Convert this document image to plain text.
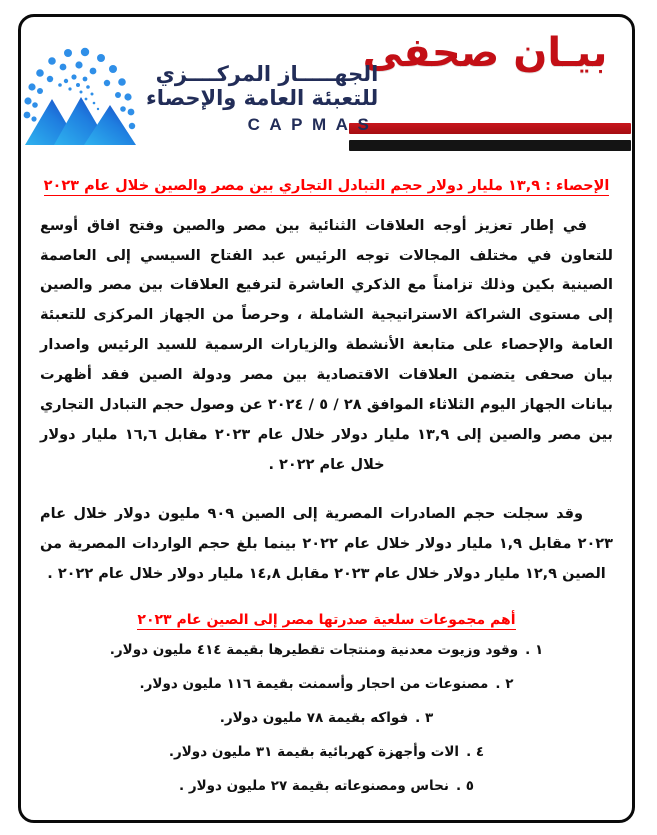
بيـان صحفى
الجهـــــاز المركــــزي
للتعبئة العامة والإحصاء
CAPMAS
الإحصاء : ١٣,٩ مليار دولار حجم التبادل التجاري بين مصر والصين خلال عام ٢٠٢٣

في إطار تعزيز أوجه العلاقات الثنائية بين مصر والصين وفتح افاق أوسع للتعاون في مختلف المجالات توجه الرئيس عبد الفتاح السيسي إلى العاصمة الصينية بكين وذلك تزامناً مع الذكري العاشرة لترفيع العلاقات بين مصر والصين إلى مستوى الشراكة الاستراتيجية الشاملة ، وحرصاً من الجهاز المركزى للتعبئة العامة والإحصاء على متابعة الأنشطة والزيارات الرسمية للسيد الرئيس واصدار بيان صحفى يتضمن العلاقات الاقتصادية بين مصر ودولة الصين فقد أظهرت بيانات الجهاز اليوم الثلاثاء الموافق ٢٨ / ٥ / ٢٠٢٤ عن وصول حجم التبادل التجاري بين مصر والصين إلى ١٣,٩ مليار دولار خلال عام ٢٠٢٣ مقابل ١٦,٦ مليار دولار خلال عام ٢٠٢٢ .

وقد سجلت حجم الصادرات المصرية إلى الصين ٩٠٩ مليون دولار خلال عام ٢٠٢٣ مقابل ١,٩ مليار دولار خلال عام ٢٠٢٢ بينما بلغ حجم الواردات المصرية من الصين ١٢,٩ مليار دولار خلال عام ٢٠٢٣ مقابل ١٤,٨ مليار دولار خلال عام ٢٠٢٢ .

أهم مجموعات سلعية صدرتها مصر إلى الصين عام ٢٠٢٣
١ .
وقود وزيوت معدنية ومنتجات تقطيرها بقيمة ٤١٤ مليون دولار.
٢ .
مصنوعات من احجار وأسمنت بقيمة ١١٦ مليون دولار.
٣ .
فواكه بقيمة ٧٨ مليون دولار.
٤ .
الات وأجهزة كهربائية بقيمة ٣١ مليون دولار.
٥ .
نحاس ومصنوعاته بقيمة ٢٧ مليون دولار .
